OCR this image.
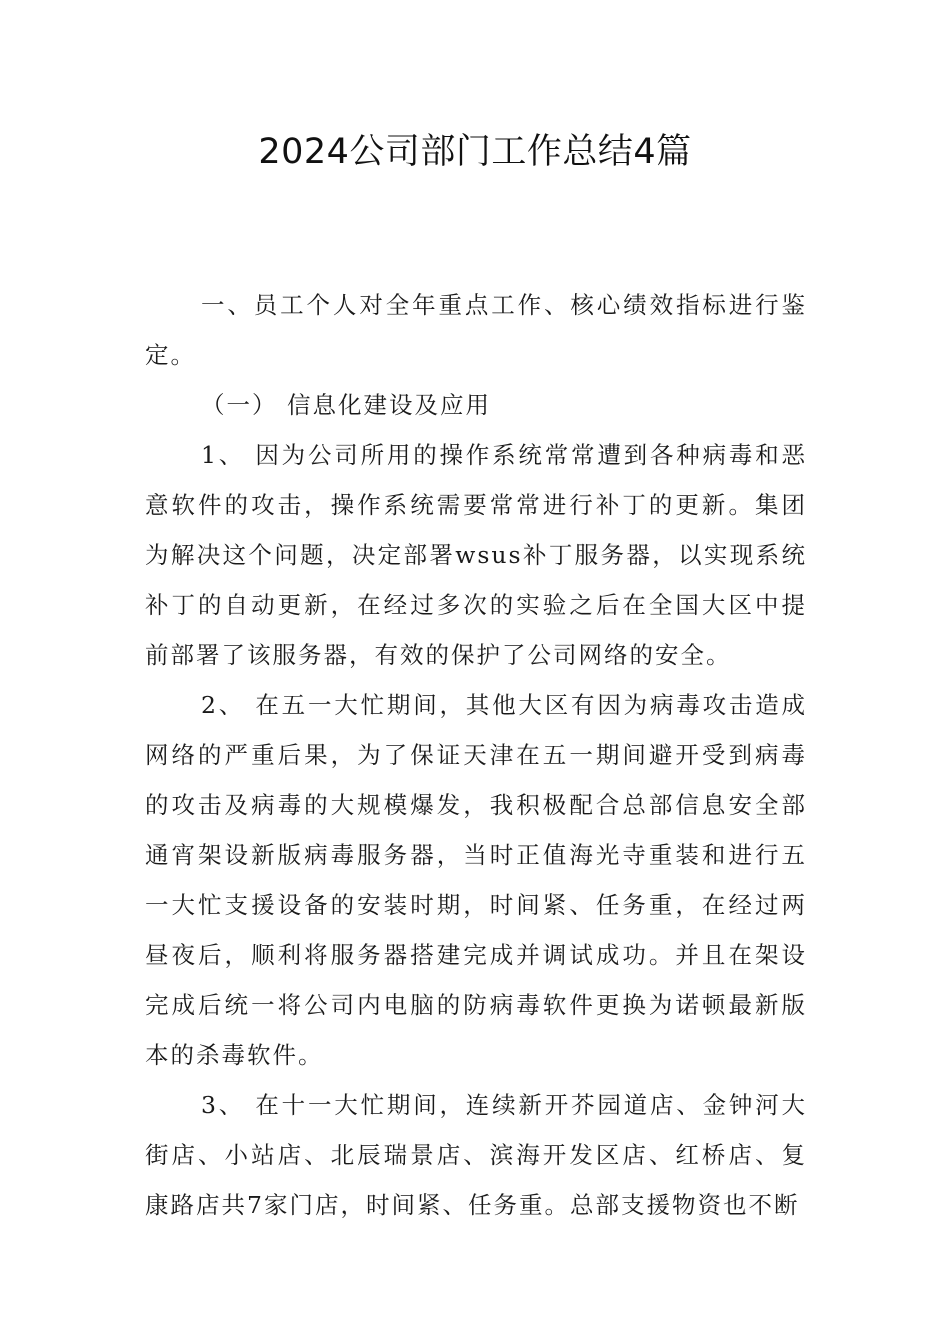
2024公司部门工作总结4篇

一、员工个人对全年重点工作、核心绩效指标进行鉴定。

（一） 信息化建设及应用

1、 因为公司所用的操作系统常常遭到各种病毒和恶意软件的攻击，操作系统需要常常进行补丁的更新。集团为解决这个问题，决定部署wsus补丁服务器，以实现系统补丁的自动更新，在经过多次的实验之后在全国大区中提前部署了该服务器，有效的保护了公司网络的安全。

2、 在五一大忙期间，其他大区有因为病毒攻击造成网络的严重后果，为了保证天津在五一期间避开受到病毒的攻击及病毒的大规模爆发，我积极配合总部信息安全部通宵架设新版病毒服务器，当时正值海光寺重装和进行五一大忙支援设备的安装时期，时间紧、任务重，在经过两昼夜后，顺利将服务器搭建完成并调试成功。并且在架设完成后统一将公司内电脑的防病毒软件更换为诺顿最新版本的杀毒软件。

3、 在十一大忙期间，连续新开芥园道店、金钟河大街店、小站店、北辰瑞景店、滨海开发区店、红桥店、复康路店共7家门店，时间紧、任务重。总部支援物资也不断
